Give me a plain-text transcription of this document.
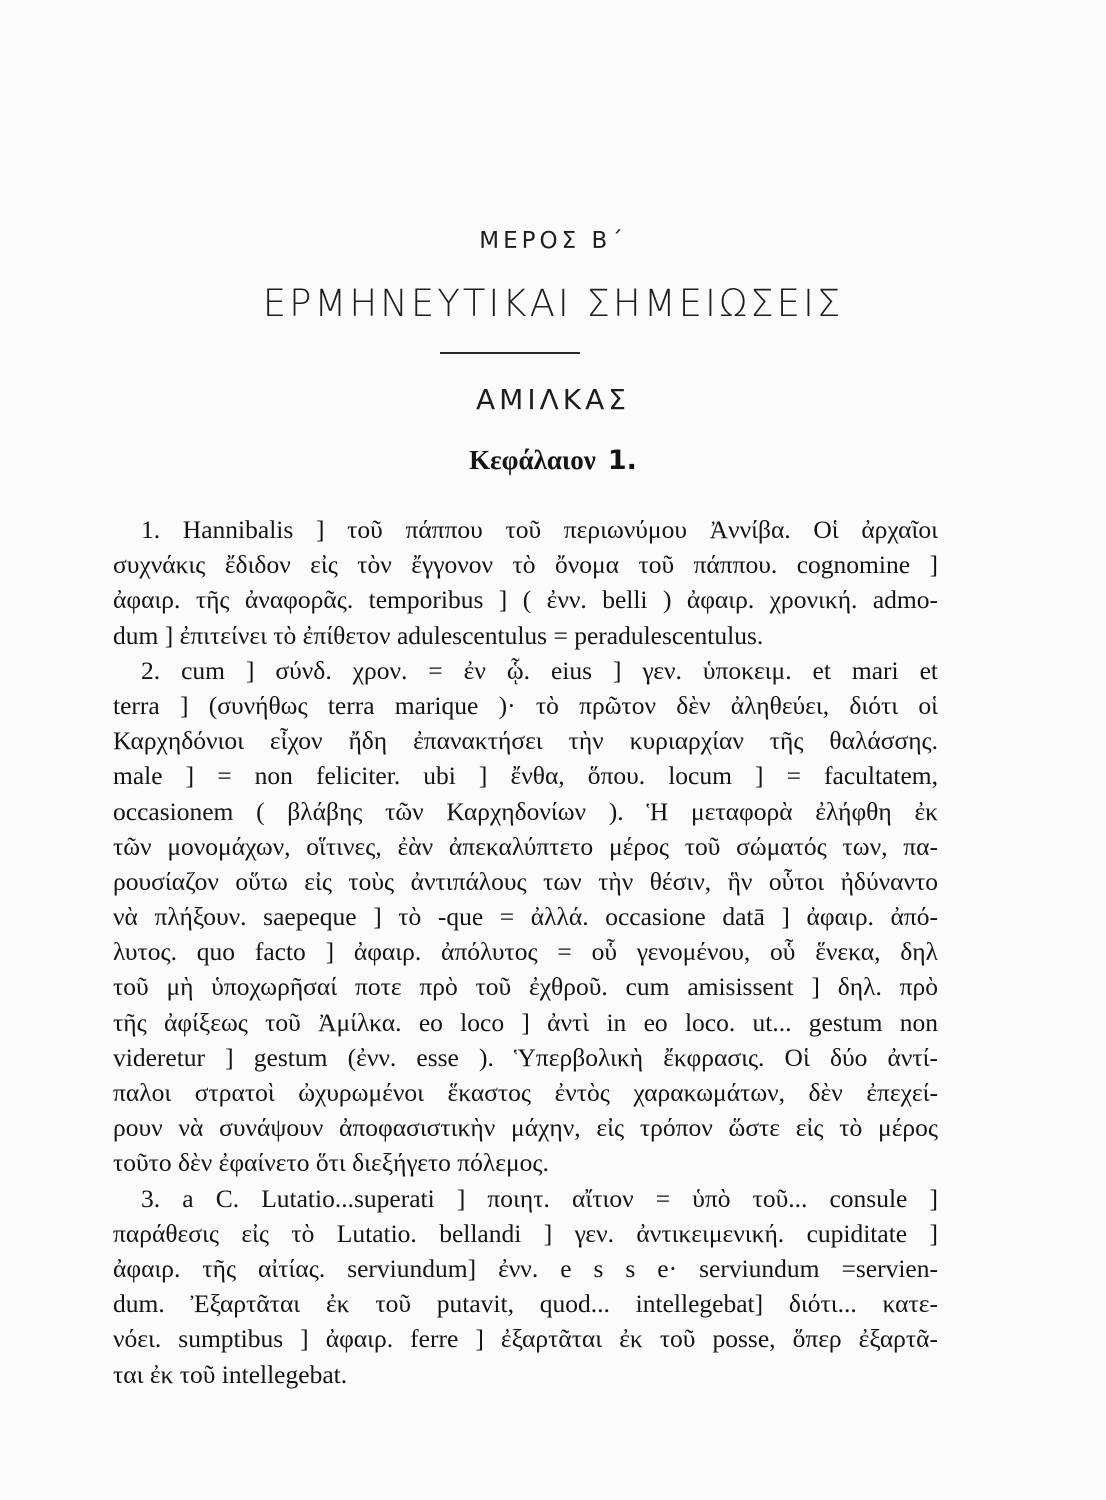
ΜΕΡΟΣ Β΄
ΕΡΜΗΝΕΥΤΙΚΑΙ ΣΗΜΕΙΩΣΕΙΣ
ΑΜΙΛΚΑΣ
Κεφάλαιον 1.
1. Hannibalis ] τοῦ πάππου τοῦ περιωνύμου Ἀννίβα. Οἱ ἀρχαῖοι
συχνάκις ἔδιδον εἰς τὸν ἔγγονον τὸ ὄνομα τοῦ πάππου. cognomine ]
ἀφαιρ. τῆς ἀναφορᾶς. temporibus ] ( ἐνν. belli ) ἀφαιρ. χρονική. admo-
dum ] ἐπιτείνει τὸ ἐπίθετον adulescentulus = peradulescentulus.
2. cum ] σύνδ. χρον. = ἐν ᾧ. eius ] γεν. ὑποκειμ. et mari et
terra ] (συνήθως terra marique )· τὸ πρῶτον δὲν ἀληθεύει, διότι οἱ
Καρχηδόνιοι εἶχον ἤδη ἐπανακτήσει τὴν κυριαρχίαν τῆς θαλάσσης.
male ] = non feliciter. ubi ] ἔνθα, ὅπου. locum ] = facultatem,
occasionem ( βλάβης τῶν Καρχηδονίων ). Ἡ μεταφορὰ ἐλήφθη ἐκ
τῶν μονομάχων, οἵτινες, ἐὰν ἀπεκαλύπτετο μέρος τοῦ σώματός των, πα-
ρουσίαζον οὕτω εἰς τοὺς ἀντιπάλους των τὴν θέσιν, ἣν οὗτοι ἠδύναντο
νὰ πλήξουν. saepeque ] τὸ -que = ἀλλά. occasione datā ] ἀφαιρ. ἀπό-
λυτος. quo facto ] ἀφαιρ. ἀπόλυτος = οὗ γενομένου, οὗ ἕνεκα, δηλ
τοῦ μὴ ὑποχωρῆσαί ποτε πρὸ τοῦ ἐχθροῦ. cum amisissent ] δηλ. πρὸ
τῆς ἀφίξεως τοῦ Ἀμίλκα. eo loco ] ἀντὶ in eo loco. ut... gestum non
videretur ] gestum (ἐνν. esse ). Ὑπερβολικὴ ἔκφρασις. Οἱ δύο ἀντί-
παλοι στρατοὶ ὠχυρωμένοι ἕκαστος ἐντὸς χαρακωμάτων, δὲν ἐπεχεί-
ρουν νὰ συνάψουν ἀποφασιστικὴν μάχην, εἰς τρόπον ὥστε εἰς τὸ μέρος
τοῦτο δὲν ἐφαίνετο ὅτι διεξήγετο πόλεμος.
3. a C. Lutatio...superati ] ποιητ. αἴτιον = ὑπὸ τοῦ... consule ]
παράθεσις εἰς τὸ Lutatio. bellandi ] γεν. ἀντικειμενική. cupiditate ]
ἀφαιρ. τῆς αἰτίας. serviundum] ἐνν. e s s e· serviundum =servien-
dum. Ἐξαρτᾶται ἐκ τοῦ putavit, quod... intellegebat] διότι... κατε-
νόει. sumptibus ] ἀφαιρ. ferre ] ἐξαρτᾶται ἐκ τοῦ posse, ὅπερ ἐξαρτᾶ-
ται ἐκ τοῦ intellegebat.
